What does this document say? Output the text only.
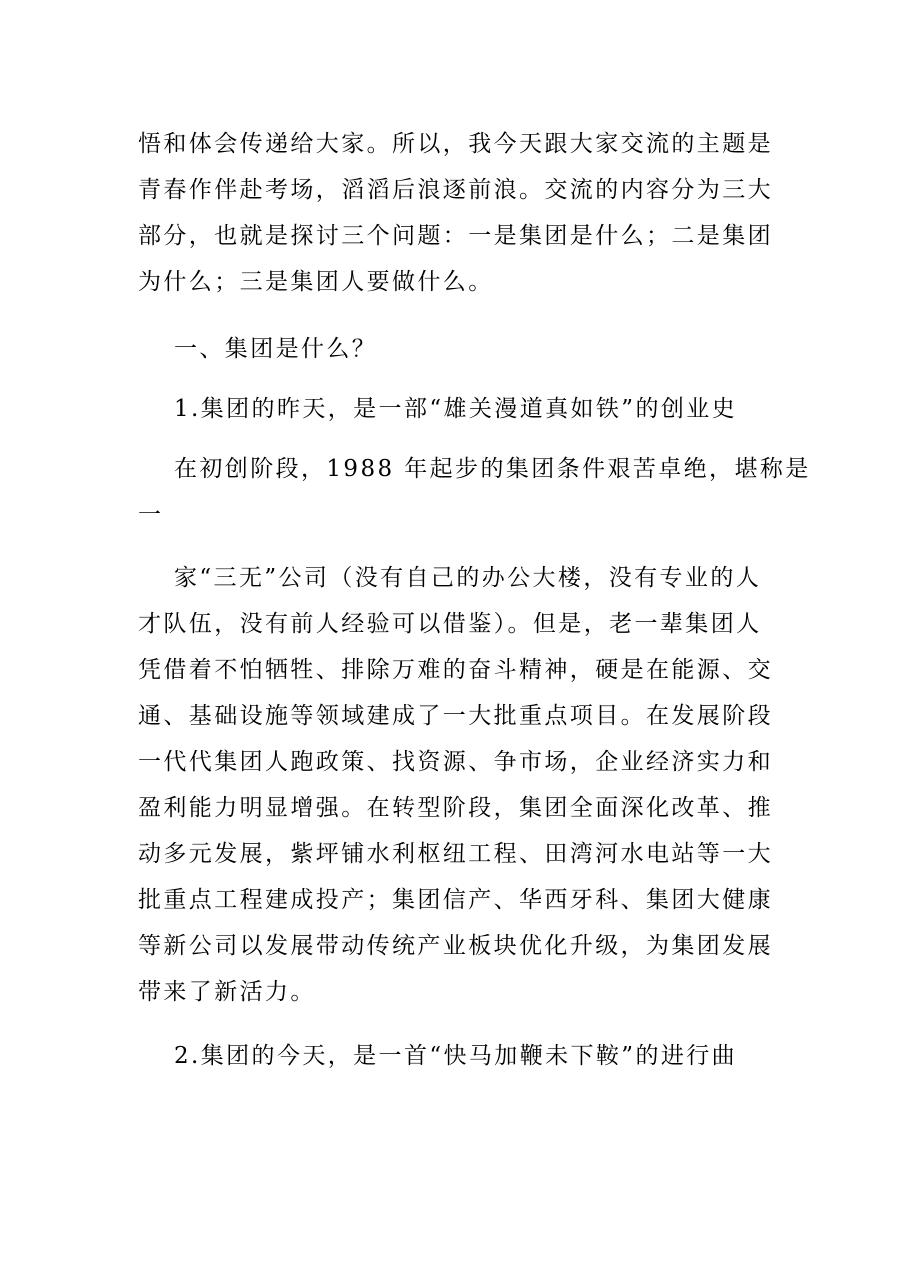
悟和体会传递给大家。所以，我今天跟大家交流的主题是
青春作伴赴考场，滔滔后浪逐前浪。交流的内容分为三大
部分，也就是探讨三个问题：一是集团是什么；二是集团
为什么；三是集团人要做什么。
一、集团是什么？
1.集团的昨天，是一部“雄关漫道真如铁”的创业史
在初创阶段，1988 年起步的集团条件艰苦卓绝，堪称是
一
家“三无”公司（没有自己的办公大楼，没有专业的人
才队伍，没有前人经验可以借鉴）。但是，老一辈集团人
凭借着不怕牺牲、排除万难的奋斗精神，硬是在能源、交
通、基础设施等领域建成了一大批重点项目。在发展阶段
一代代集团人跑政策、找资源、争市场，企业经济实力和
盈利能力明显增强。在转型阶段，集团全面深化改革、推
动多元发展，紫坪铺水利枢纽工程、田湾河水电站等一大
批重点工程建成投产；集团信产、华西牙科、集团大健康
等新公司以发展带动传统产业板块优化升级，为集团发展
带来了新活力。
2.集团的今天，是一首“快马加鞭未下鞍”的进行曲
